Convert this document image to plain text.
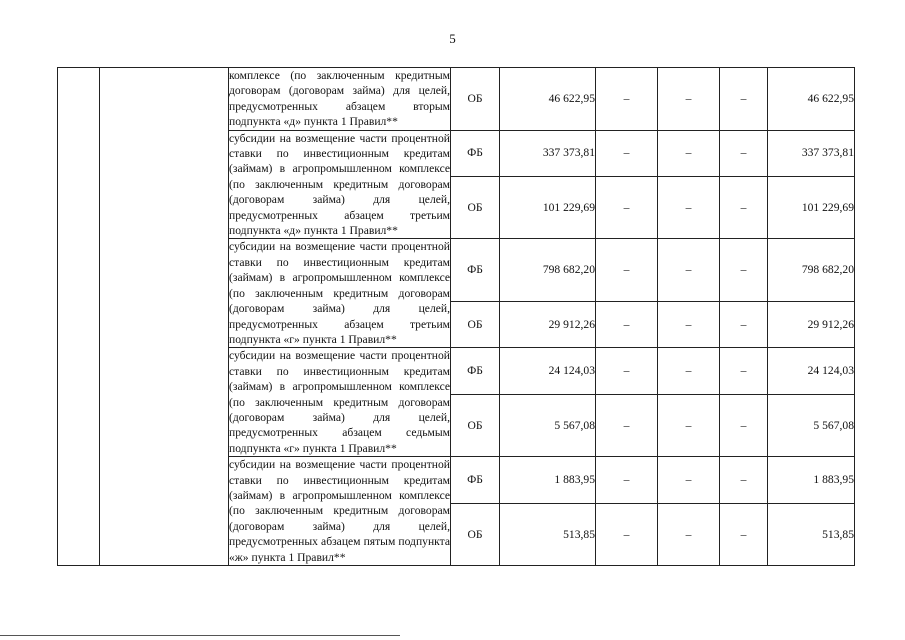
5

		комплексе (по заключенным кредитным договорам (договорам займа) для целей, предусмотренных абзацем вторым подпункта «д» пункта 1 Правил**	ОБ	46 622,95	–	–	–	46 622,95

		субсидии на возмещение части процентной ставки по инвестиционным кредитам (займам) в агропромышленном комплексе (по заключенным кредитным договорам (договорам займа) для целей, предусмотренных абзацем третьим подпункта «д» пункта 1 Правил**	ФБ	337 373,81	–	–	–	337 373,81
			ОБ	101 229,69	–	–	–	101 229,69

		субсидии на возмещение части процентной ставки по инвестиционным кредитам (займам) в агропромышленном комплексе (по заключенным кредитным договорам (договорам займа) для целей, предусмотренных абзацем третьим подпункта «г» пункта 1 Правил**	ФБ	798 682,20	–	–	–	798 682,20
			ОБ	29 912,26	–	–	–	29 912,26

		субсидии на возмещение части процентной ставки по инвестиционным кредитам (займам) в агропромышленном комплексе (по заключенным кредитным договорам (договорам займа) для целей, предусмотренных абзацем седьмым подпункта «г» пункта 1 Правил**	ФБ	24 124,03	–	–	–	24 124,03
			ОБ	5 567,08	–	–	–	5 567,08

		субсидии на возмещение части процентной ставки по инвестиционным кредитам (займам) в агропромышленном комплексе (по заключенным кредитным договорам (договорам займа) для целей, предусмотренных абзацем пятым подпункта «ж» пункта 1 Правил**	ФБ	1 883,95	–	–	–	1 883,95
			ОБ	513,85	–	–	–	513,85
